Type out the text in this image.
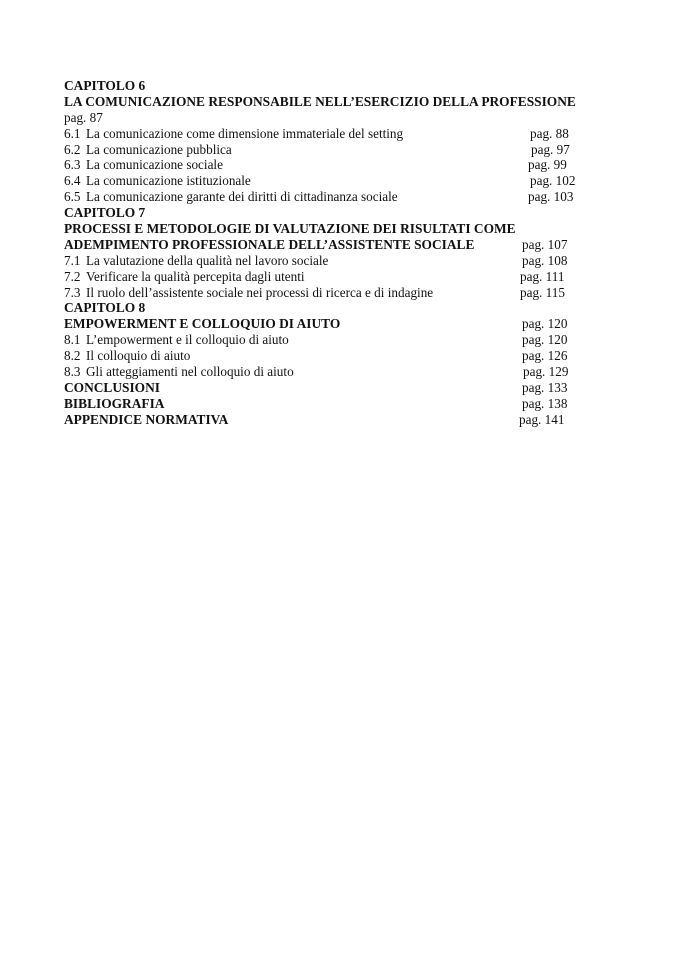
CAPITOLO 6
LA COMUNICAZIONE RESPONSABILE NELL’ESERCIZIO DELLA PROFESSIONE
pag. 87
6.1 La comunicazione come dimensione immateriale del setting	pag. 88
6.2 La comunicazione pubblica	pag. 97
6.3 La comunicazione sociale	pag. 99
6.4 La comunicazione istituzionale	pag. 102
6.5 La comunicazione garante dei diritti di cittadinanza sociale	pag. 103
CAPITOLO 7
PROCESSI E METODOLOGIE DI VALUTAZIONE DEI RISULTATI COME
ADEMPIMENTO PROFESSIONALE DELL’ASSISTENTE SOCIALE	pag. 107
7.1 La valutazione della qualità nel lavoro sociale	pag. 108
7.2 Verificare la qualità percepita dagli utenti	pag. 111
7.3 Il ruolo dell’assistente sociale nei processi di ricerca e di indagine	pag. 115
CAPITOLO 8
EMPOWERMENT E COLLOQUIO DI AIUTO	pag. 120
8.1 L’empowerment e il colloquio di aiuto	pag. 120
8.2 Il colloquio di aiuto	pag. 126
8.3 Gli atteggiamenti nel colloquio di aiuto	pag. 129
CONCLUSIONI	pag. 133
BIBLIOGRAFIA	pag. 138
APPENDICE NORMATIVA	pag. 141
